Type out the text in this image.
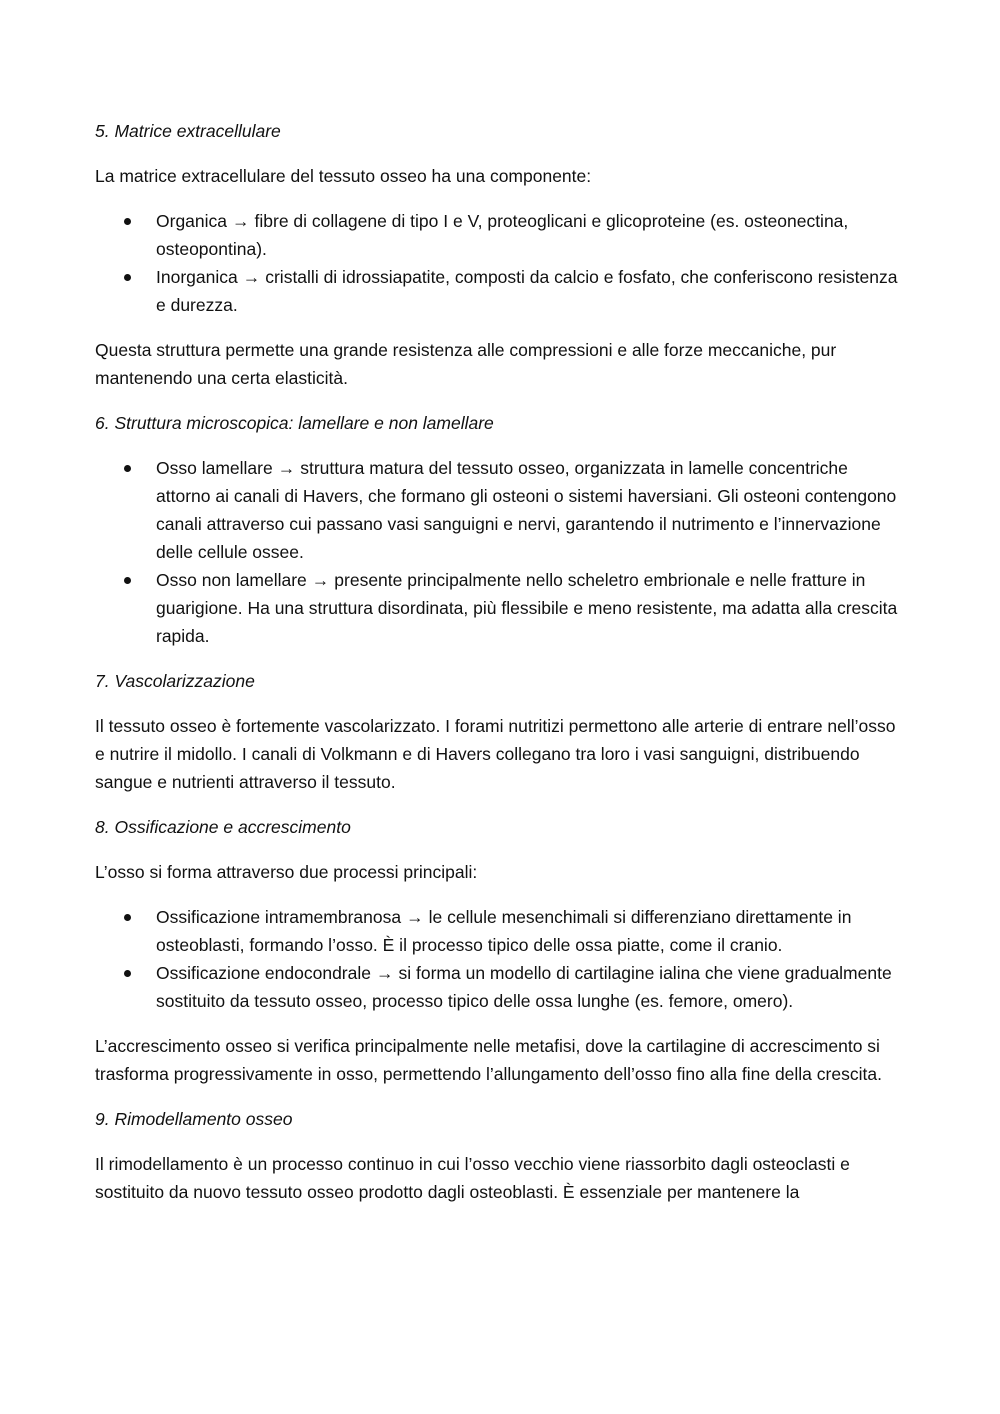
5. Matrice extracellulare

La matrice extracellulare del tessuto osseo ha una componente:

Organica → fibre di collagene di tipo I e V, proteoglicani e glicoproteine (es. osteonectina, osteopontina).
Inorganica → cristalli di idrossiapatite, composti da calcio e fosfato, che conferiscono resistenza e durezza.

Questa struttura permette una grande resistenza alle compressioni e alle forze meccaniche, pur mantenendo una certa elasticità.

6. Struttura microscopica: lamellare e non lamellare

Osso lamellare → struttura matura del tessuto osseo, organizzata in lamelle concentriche attorno ai canali di Havers, che formano gli osteoni o sistemi haversiani. Gli osteoni contengono canali attraverso cui passano vasi sanguigni e nervi, garantendo il nutrimento e l’innervazione delle cellule ossee.
Osso non lamellare → presente principalmente nello scheletro embrionale e nelle fratture in guarigione. Ha una struttura disordinata, più flessibile e meno resistente, ma adatta alla crescita rapida.

7. Vascolarizzazione

Il tessuto osseo è fortemente vascolarizzato. I forami nutritizi permettono alle arterie di entrare nell’osso e nutrire il midollo. I canali di Volkmann e di Havers collegano tra loro i vasi sanguigni, distribuendo sangue e nutrienti attraverso il tessuto.

8. Ossificazione e accrescimento

L’osso si forma attraverso due processi principali:

Ossificazione intramembranosa → le cellule mesenchimali si differenziano direttamente in osteoblasti, formando l’osso. È il processo tipico delle ossa piatte, come il cranio.
Ossificazione endocondrale → si forma un modello di cartilagine ialina che viene gradualmente sostituito da tessuto osseo, processo tipico delle ossa lunghe (es. femore, omero).

L’accrescimento osseo si verifica principalmente nelle metafisi, dove la cartilagine di accrescimento si trasforma progressivamente in osso, permettendo l’allungamento dell’osso fino alla fine della crescita.

9. Rimodellamento osseo

Il rimodellamento è un processo continuo in cui l’osso vecchio viene riassorbito dagli osteoclasti e sostituito da nuovo tessuto osseo prodotto dagli osteoblasti. È essenziale per mantenere la
